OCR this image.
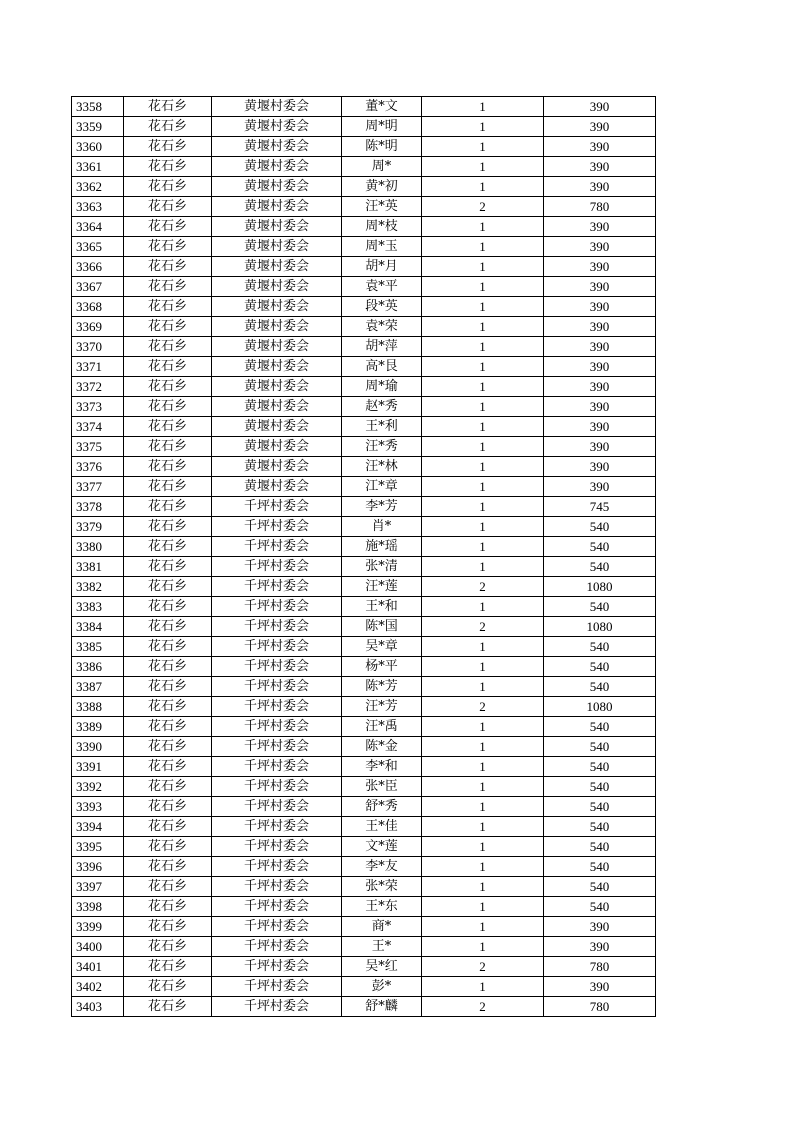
3358	花石乡	黄堰村委会	董*文	1	390
3359	花石乡	黄堰村委会	周*明	1	390
3360	花石乡	黄堰村委会	陈*明	1	390
3361	花石乡	黄堰村委会	周*	1	390
3362	花石乡	黄堰村委会	黄*初	1	390
3363	花石乡	黄堰村委会	汪*英	2	780
3364	花石乡	黄堰村委会	周*枝	1	390
3365	花石乡	黄堰村委会	周*玉	1	390
3366	花石乡	黄堰村委会	胡*月	1	390
3367	花石乡	黄堰村委会	袁*平	1	390
3368	花石乡	黄堰村委会	段*英	1	390
3369	花石乡	黄堰村委会	袁*荣	1	390
3370	花石乡	黄堰村委会	胡*萍	1	390
3371	花石乡	黄堰村委会	高*艮	1	390
3372	花石乡	黄堰村委会	周*瑜	1	390
3373	花石乡	黄堰村委会	赵*秀	1	390
3374	花石乡	黄堰村委会	王*利	1	390
3375	花石乡	黄堰村委会	汪*秀	1	390
3376	花石乡	黄堰村委会	汪*林	1	390
3377	花石乡	黄堰村委会	江*章	1	390
3378	花石乡	千坪村委会	李*芳	1	745
3379	花石乡	千坪村委会	肖*	1	540
3380	花石乡	千坪村委会	施*瑶	1	540
3381	花石乡	千坪村委会	张*清	1	540
3382	花石乡	千坪村委会	汪*莲	2	1080
3383	花石乡	千坪村委会	王*和	1	540
3384	花石乡	千坪村委会	陈*国	2	1080
3385	花石乡	千坪村委会	吴*章	1	540
3386	花石乡	千坪村委会	杨*平	1	540
3387	花石乡	千坪村委会	陈*芳	1	540
3388	花石乡	千坪村委会	汪*芳	2	1080
3389	花石乡	千坪村委会	汪*禹	1	540
3390	花石乡	千坪村委会	陈*金	1	540
3391	花石乡	千坪村委会	李*和	1	540
3392	花石乡	千坪村委会	张*臣	1	540
3393	花石乡	千坪村委会	舒*秀	1	540
3394	花石乡	千坪村委会	王*佳	1	540
3395	花石乡	千坪村委会	文*莲	1	540
3396	花石乡	千坪村委会	李*友	1	540
3397	花石乡	千坪村委会	张*荣	1	540
3398	花石乡	千坪村委会	王*东	1	540
3399	花石乡	千坪村委会	商*	1	390
3400	花石乡	千坪村委会	王*	1	390
3401	花石乡	千坪村委会	吴*红	2	780
3402	花石乡	千坪村委会	彭*	1	390
3403	花石乡	千坪村委会	舒*麟	2	780
